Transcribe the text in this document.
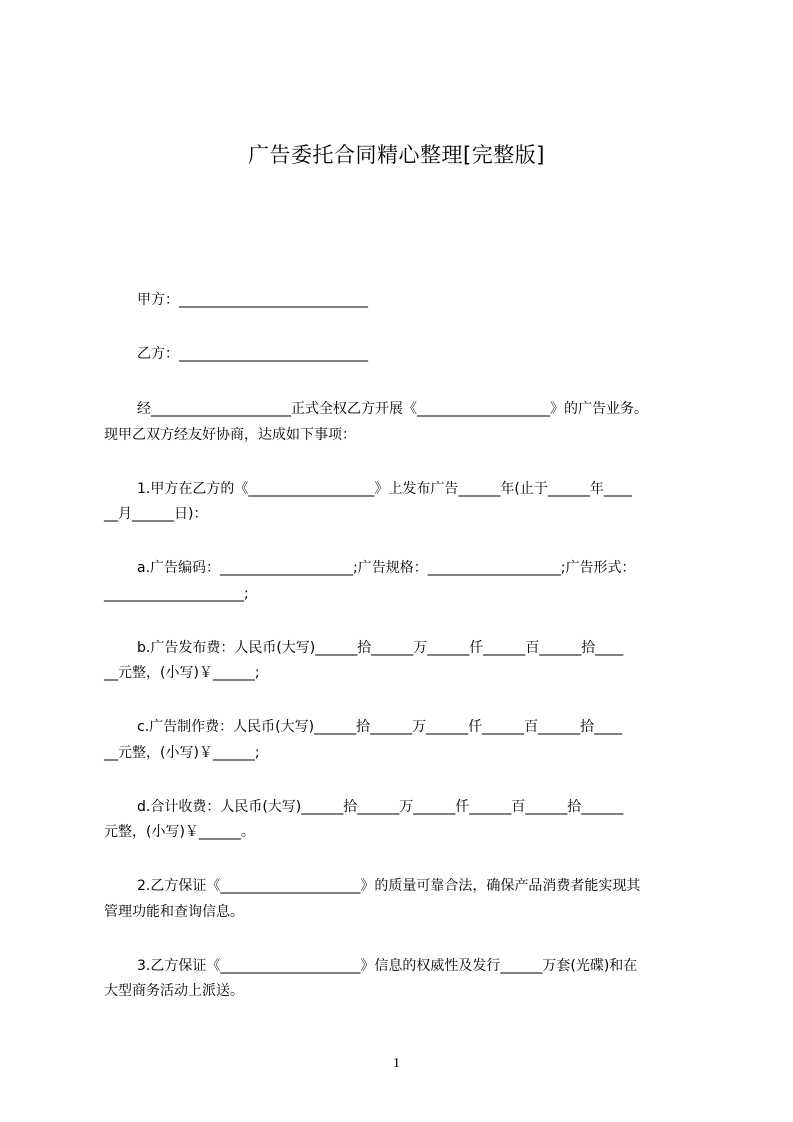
广告委托合同精心整理[完整版]
甲方：___________________________
乙方：___________________________
经____________________正式全权乙方开展《___________________》的广告业务。
现甲乙双方经友好协商，达成如下事项：
1.甲方在乙方的《__________________》上发布广告______年(止于______年____
__月______日)：
a.广告编码：___________________;广告规格：___________________;广告形式：
____________________;
b.广告发布费：人民币(大写)______拾______万______仟______百______拾____
__元整，(小写)￥______;
c.广告制作费：人民币(大写)______拾______万______仟______百______拾____
__元整，(小写)￥______;
d.合计收费：人民币(大写)______拾______万______仟______百______拾______
元整，(小写)￥______。
2.乙方保证《____________________》的质量可靠合法，确保产品消费者能实现其
管理功能和查询信息。
3.乙方保证《____________________》信息的权威性及发行______万套(光碟)和在
大型商务活动上派送。
1
